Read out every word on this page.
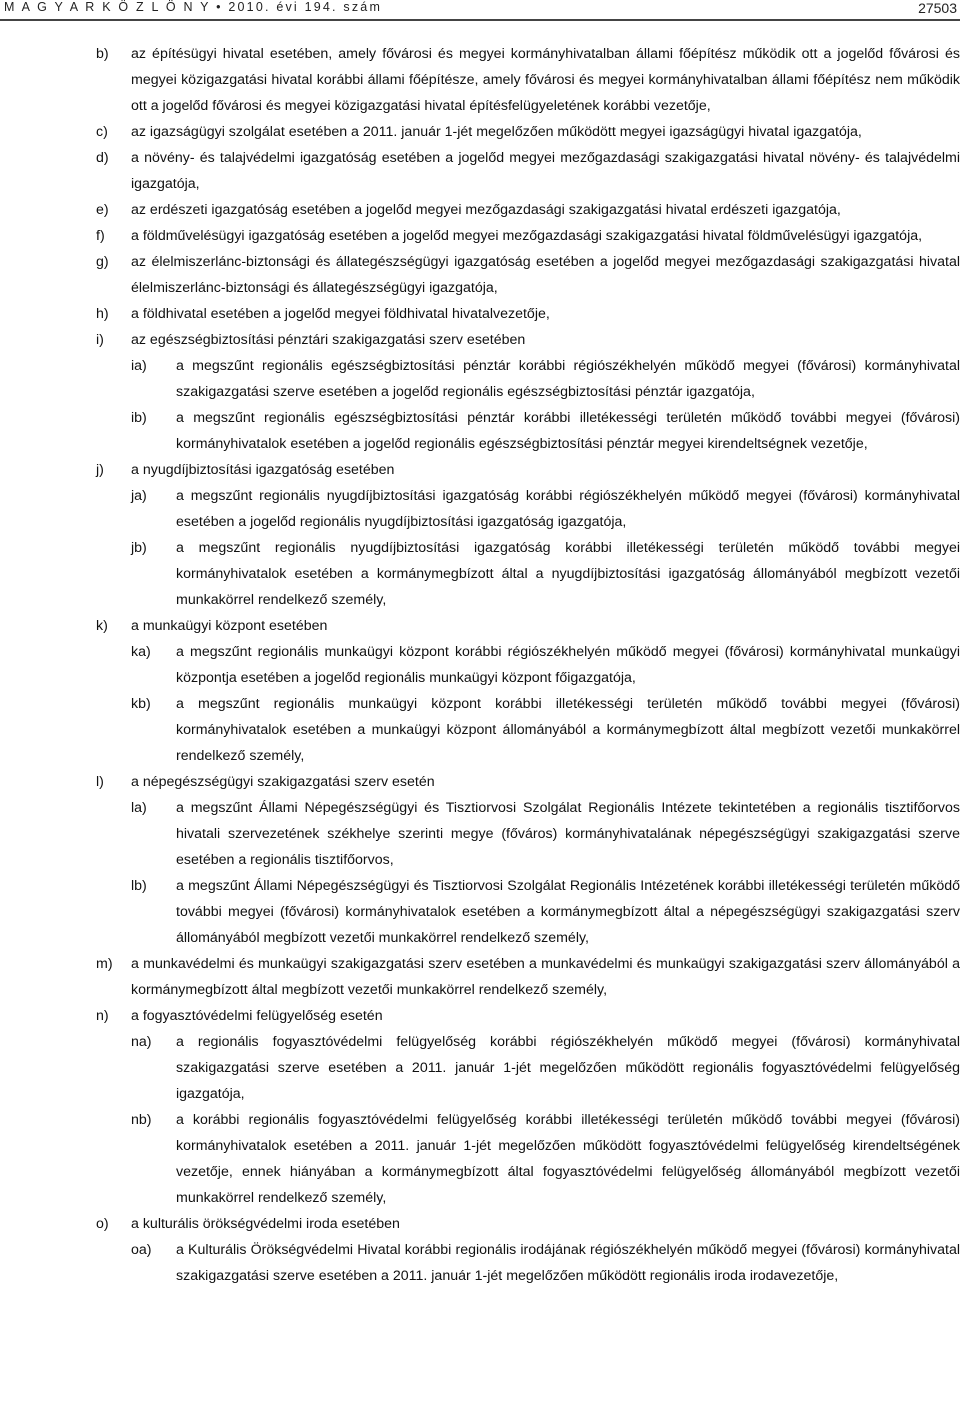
M A G Y A R K Ö Z L Ö N Y • 2010. évi 194. szám	27503
b) az építésügyi hivatal esetében, amely fővárosi és megyei kormányhivatalban állami főépítész működik ott a jogelőd fővárosi és megyei közigazgatási hivatal korábbi állami főépítésze, amely fővárosi és megyei kormányhivatalban állami főépítész nem működik ott a jogelőd fővárosi és megyei közigazgatási hivatal építésfelügyeletének korábbi vezetője,
c) az igazságügyi szolgálat esetében a 2011. január 1-jét megelőzően működött megyei igazságügyi hivatal igazgatója,
d) a növény- és talajvédelmi igazgatóság esetében a jogelőd megyei mezőgazdasági szakigazgatási hivatal növény- és talajvédelmi igazgatója,
e) az erdészeti igazgatóság esetében a jogelőd megyei mezőgazdasági szakigazgatási hivatal erdészeti igazgatója,
f) a földművelésügyi igazgatóság esetében a jogelőd megyei mezőgazdasági szakigazgatási hivatal földművelésügyi igazgatója,
g) az élelmiszerlánc-biztonsági és állategészségügyi igazgatóság esetében a jogelőd megyei mezőgazdasági szakigazgatási hivatal élelmiszerlánc-biztonsági és állategészségügyi igazgatója,
h) a földhivatal esetében a jogelőd megyei földhivatal hivatalvezetője,
i) az egészségbiztosítási pénztári szakigazgatási szerv esetében
ia) a megszűnt regionális egészségbiztosítási pénztár korábbi régiószékhelyén működő megyei (fővárosi) kormányhivatal szakigazgatási szerve esetében a jogelőd regionális egészségbiztosítási pénztár igazgatója,
ib) a megszűnt regionális egészségbiztosítási pénztár korábbi illetékességi területén működő további megyei (fővárosi) kormányhivatalok esetében a jogelőd regionális egészségbiztosítási pénztár megyei kirendeltségnek vezetője,
j) a nyugdíjbiztosítási igazgatóság esetében
ja) a megszűnt regionális nyugdíjbiztosítási igazgatóság korábbi régiószékhelyén működő megyei (fővárosi) kormányhivatal esetében a jogelőd regionális nyugdíjbiztosítási igazgatóság igazgatója,
jb) a megszűnt regionális nyugdíjbiztosítási igazgatóság korábbi illetékességi területén működő további megyei kormányhivatalok esetében a kormánymegbízott által a nyugdíjbiztosítási igazgatóság állományából megbízott vezetői munkakörrel rendelkező személy,
k) a munkaügyi központ esetében
ka) a megszűnt regionális munkaügyi központ korábbi régiószékhelyén működő megyei (fővárosi) kormányhivatal munkaügyi központja esetében a jogelőd regionális munkaügyi központ főigazgatója,
kb) a megszűnt regionális munkaügyi központ korábbi illetékességi területén működő további megyei (fővárosi) kormányhivatalok esetében a munkaügyi központ állományából a kormánymegbízott által megbízott vezetői munkakörrel rendelkező személy,
l) a népegészségügyi szakigazgatási szerv esetén
la) a megszűnt Állami Népegészségügyi és Tisztiorvosi Szolgálat Regionális Intézete tekintetében a regionális tisztifőorvos hivatali szervezetének székhelye szerinti megye (főváros) kormányhivatalának népegészségügyi szakigazgatási szerve esetében a regionális tisztifőorvos,
lb) a megszűnt Állami Népegészségügyi és Tisztiorvosi Szolgálat Regionális Intézetének korábbi illetékességi területén működő további megyei (fővárosi) kormányhivatalok esetében a kormánymegbízott által a népegészségügyi szakigazgatási szerv állományából megbízott vezetői munkakörrel rendelkező személy,
m) a munkavédelmi és munkaügyi szakigazgatási szerv esetében a munkavédelmi és munkaügyi szakigazgatási szerv állományából a kormánymegbízott által megbízott vezetői munkakörrel rendelkező személy,
n) a fogyasztóvédelmi felügyelőség esetén
na) a regionális fogyasztóvédelmi felügyelőség korábbi régiószékhelyén működő megyei (fővárosi) kormányhivatal szakigazgatási szerve esetében a 2011. január 1-jét megelőzően működött regionális fogyasztóvédelmi felügyelőség igazgatója,
nb) a korábbi regionális fogyasztóvédelmi felügyelőség korábbi illetékességi területén működő további megyei (fővárosi) kormányhivatalok esetében a 2011. január 1-jét megelőzően működött fogyasztóvédelmi felügyelőség kirendeltségének vezetője, ennek hiányában a kormánymegbízott által fogyasztóvédelmi felügyelőség állományából megbízott vezetői munkakörrel rendelkező személy,
o) a kulturális örökségvédelmi iroda esetében
oa) a Kulturális Örökségvédelmi Hivatal korábbi regionális irodájának régiószékhelyén működő megyei (fővárosi) kormányhivatal szakigazgatási szerve esetében a 2011. január 1-jét megelőzően működött regionális iroda irodavezetője,
